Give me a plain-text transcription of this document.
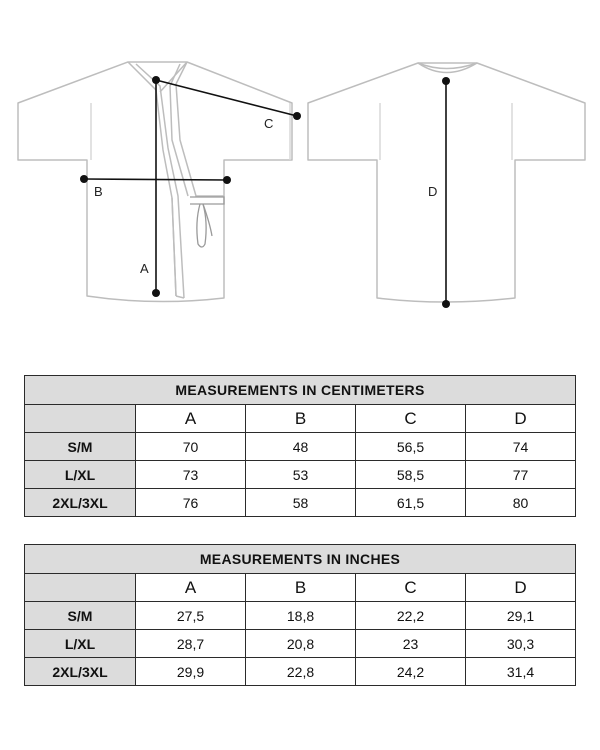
A
B
C
D
MEASUREMENTS IN CENTIMETERS				
	A	B	C	D
S/M	70	48	56,5	74
L/XL	73	53	58,5	77
2XL/3XL	76	58	61,5	80
MEASUREMENTS IN INCHES				
	A	B	C	D
S/M	27,5	18,8	22,2	29,1
L/XL	28,7	20,8	23	30,3
2XL/3XL	29,9	22,8	24,2	31,4
